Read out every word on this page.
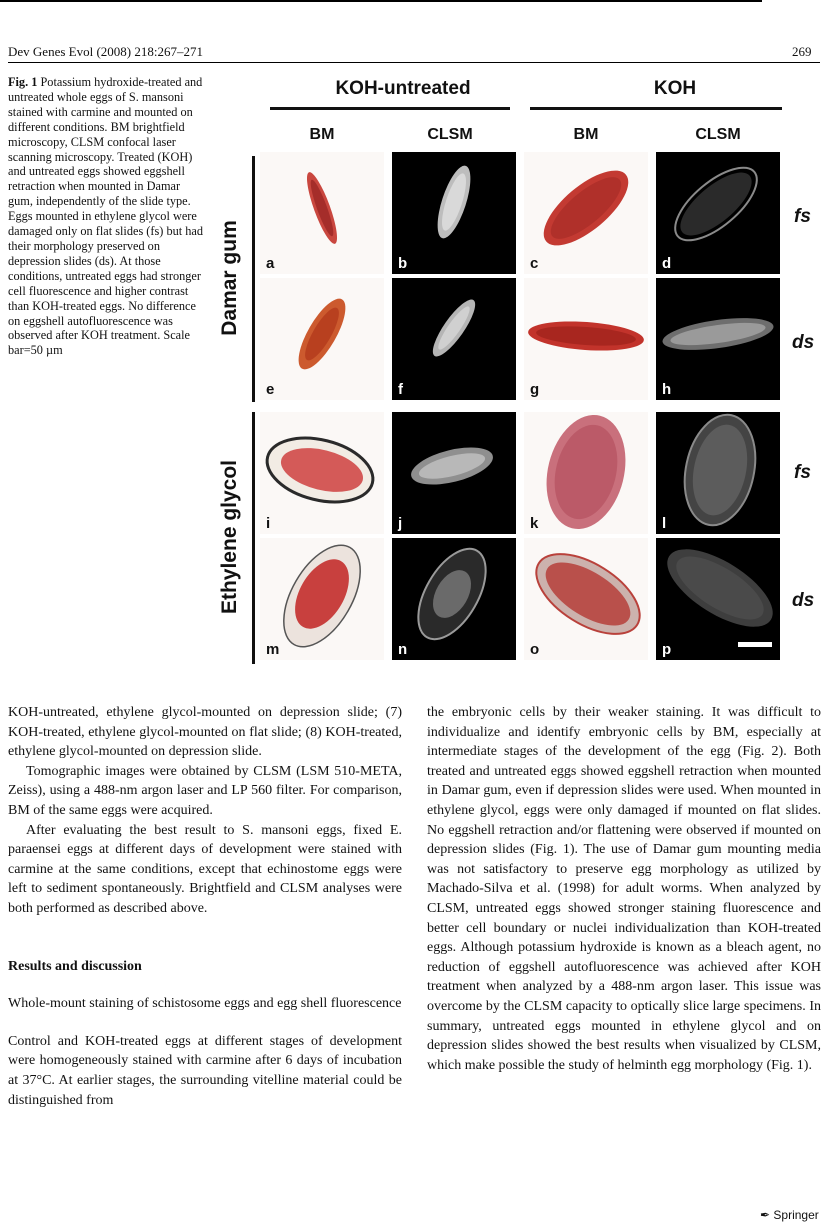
Dev Genes Evol (2008) 218:267–271	269
Fig. 1 Potassium hydroxide-treated and untreated whole eggs of S. mansoni stained with carmine and mounted on different conditions. BM brightfield microscopy, CLSM confocal laser scanning microscopy. Treated (KOH) and untreated eggs showed eggshell retraction when mounted in Damar gum, independently of the slide type. Eggs mounted in ethylene glycol were damaged only on flat slides (fs) but had their morphology preserved on depression slides (ds). At those conditions, untreated eggs had stronger cell fluorescence and higher contrast than KOH-treated eggs. No difference on eggshell autofluorescence was observed after KOH treatment. Scale bar=50 µm
KOH-untreated	KOH
BM	CLSM	BM	CLSM
Damar gum
Ethylene glycol
fs
ds
fs
ds
a	b	c	d
e	f	g	h
i	j	k	l
m	n	o	p

KOH-untreated, ethylene glycol-mounted on depression slide; (7) KOH-treated, ethylene glycol-mounted on flat slide; (8) KOH-treated, ethylene glycol-mounted on depression slide.

Tomographic images were obtained by CLSM (LSM 510-META, Zeiss), using a 488-nm argon laser and LP 560 filter. For comparison, BM of the same eggs were acquired.

After evaluating the best result to S. mansoni eggs, fixed E. paraensei eggs at different days of development were stained with carmine at the same conditions, except that echinostome eggs were left to sediment spontaneously. Brightfield and CLSM analyses were both performed as described above.

Results and discussion

Whole-mount staining of schistosome eggs and egg shell fluorescence

Control and KOH-treated eggs at different stages of development were homogeneously stained with carmine after 6 days of incubation at 37°C. At earlier stages, the surrounding vitelline material could be distinguished from

the embryonic cells by their weaker staining. It was difficult to individualize and identify embryonic cells by BM, especially at intermediate stages of the development of the egg (Fig. 2). Both treated and untreated eggs showed eggshell retraction when mounted in Damar gum, even if depression slides were used. When mounted in ethylene glycol, eggs were only damaged if mounted on flat slides. No eggshell retraction and/or flattening were observed if mounted on depression slides (Fig. 1). The use of Damar gum mounting media was not satisfactory to preserve egg morphology as utilized by Machado-Silva et al. (1998) for adult worms. When analyzed by CLSM, untreated eggs showed stronger staining fluorescence and better cell boundary or nuclei individualization than KOH-treated eggs. Although potassium hydroxide is known as a bleach agent, no reduction of eggshell autofluorescence was achieved after KOH treatment when analyzed by a 488-nm argon laser. This issue was overcome by the CLSM capacity to optically slice large specimens. In summary, untreated eggs mounted in ethylene glycol and on depression slides showed the best results when visualized by CLSM, which make possible the study of helminth egg morphology (Fig. 1).

✒ Springer
